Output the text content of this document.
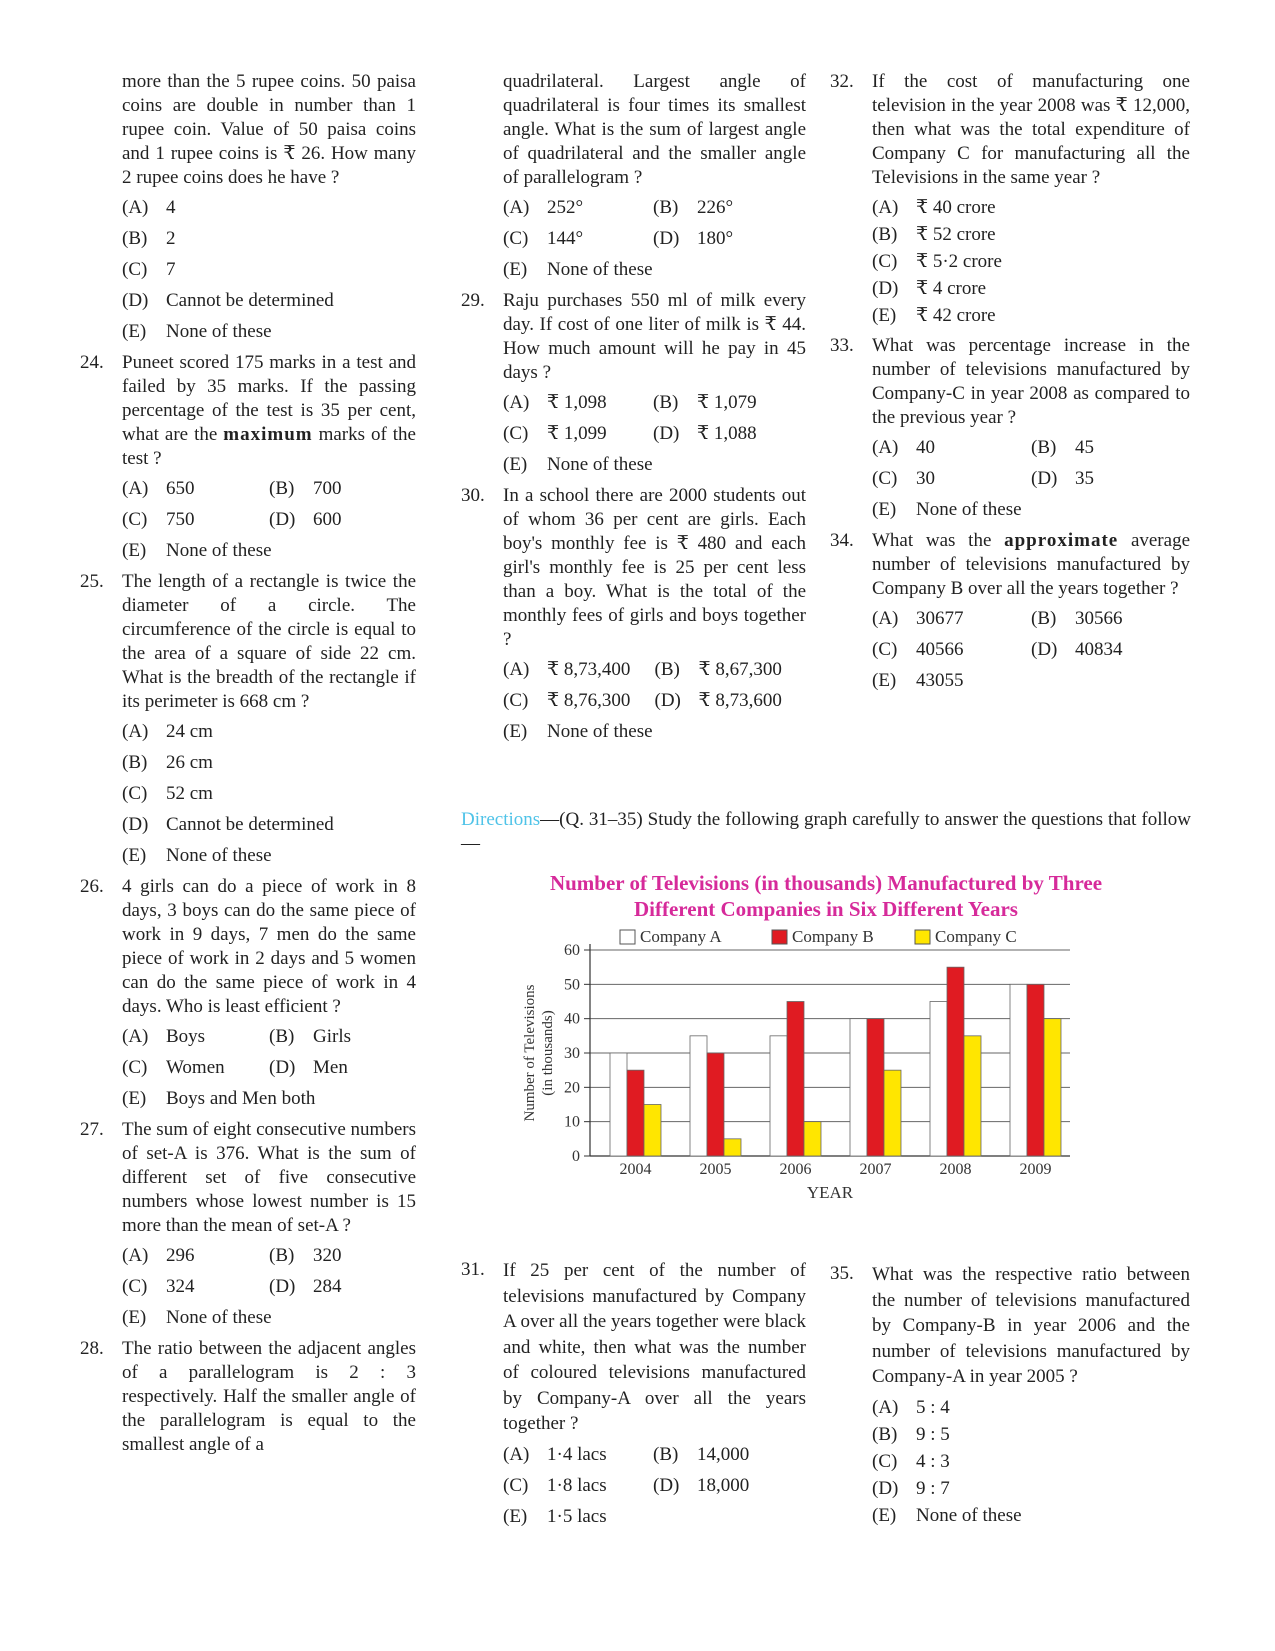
more than the 5 rupee coins. 50 paisa coins are double in number than 1 rupee coin. Value of 50 paisa coins and 1 rupee coins is ₹ 26. How many 2 rupee coins does he have ?
(A) 4
(B) 2
(C) 7
(D) Cannot be determined
(E) None of these
24. Puneet scored 175 marks in a test and failed by 35 marks. If the passing percentage of the test is 35 per cent, what are the maximum marks of the test ?
(A) 650	(B) 700
(C) 750	(D) 600
(E) None of these
25. The length of a rectangle is twice the diameter of a circle. The circumference of the circle is equal to the area of a square of side 22 cm. What is the breadth of the rectangle if its perimeter is 668 cm ?
(A) 24 cm
(B) 26 cm
(C) 52 cm
(D) Cannot be determined
(E) None of these
26. 4 girls can do a piece of work in 8 days, 3 boys can do the same piece of work in 9 days, 7 men do the same piece of work in 2 days and 5 women can do the same piece of work in 4 days. Who is least efficient ?
(A) Boys	(B) Girls
(C) Women	(D) Men
(E) Boys and Men both
27. The sum of eight consecutive numbers of set-A is 376. What is the sum of different set of five consecutive numbers whose lowest number is 15 more than the mean of set-A ?
(A) 296	(B) 320
(C) 324	(D) 284
(E) None of these
28. The ratio between the adjacent angles of a parallelogram is 2 : 3 respectively. Half the smaller angle of the parallelogram is equal to the smallest angle of a
quadrilateral. Largest angle of quadrilateral is four times its smallest angle. What is the sum of largest angle of quadrilateral and the smaller angle of parallelogram ?
(A) 252°	(B) 226°
(C) 144°	(D) 180°
(E) None of these
29. Raju purchases 550 ml of milk every day. If cost of one liter of milk is ₹ 44. How much amount will he pay in 45 days ?
(A) ₹ 1,098	(B) ₹ 1,079
(C) ₹ 1,099	(D) ₹ 1,088
(E) None of these
30. In a school there are 2000 students out of whom 36 per cent are girls. Each boy's monthly fee is ₹ 480 and each girl's monthly fee is 25 per cent less than a boy. What is the total of the monthly fees of girls and boys together ?
(A) ₹ 8,73,400	(B) ₹ 8,67,300
(C) ₹ 8,76,300	(D) ₹ 8,73,600
(E) None of these
32. If the cost of manufacturing one television in the year 2008 was ₹ 12,000, then what was the total expenditure of Company C for manufacturing all the Televisions in the same year ?
(A) ₹ 40 crore
(B) ₹ 52 crore
(C) ₹ 5·2 crore
(D) ₹ 4 crore
(E) ₹ 42 crore
33. What was percentage increase in the number of televisions manufactured by Company-C in year 2008 as compared to the previous year ?
(A) 40	(B) 45
(C) 30	(D) 35
(E) None of these
34. What was the approximate average number of televisions manufactured by Company B over all the years together ?
(A) 30677	(B) 30566
(C) 40566	(D) 40834
(E) 43055
Directions—(Q. 31–35) Study the following graph carefully to answer the questions that follow—
Number of Televisions (in thousands) Manufactured by Three
Different Companies in Six Different Years
Company A	Company B	Company C
0
10
20
30
40
50
60
Number of Televisions (in thousands)
2004	2005	2006	2007	2008	2009
YEAR
31. If 25 per cent of the number of televisions manufactured by Company A over all the years together were black and white, then what was the number of coloured televisions manufactured by Company-A over all the years together ?
(A) 1·4 lacs	(B) 14,000
(C) 1·8 lacs	(D) 18,000
(E) 1·5 lacs
35. What was the respective ratio between the number of televisions manufactured by Company-B in year 2006 and the number of televisions manufactured by Company-A in year 2005 ?
(A) 5 : 4
(B) 9 : 5
(C) 4 : 3
(D) 9 : 7
(E) None of these
